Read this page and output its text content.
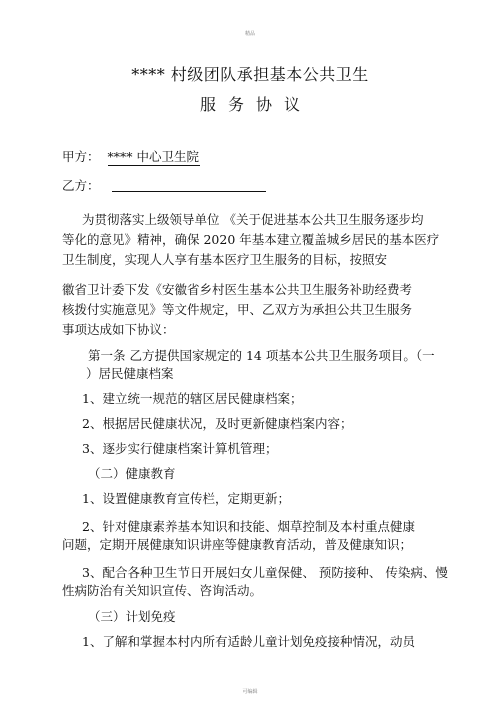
精品
**** 村级团队承担基本公共卫生
服务协议
甲方： **** 中心卫生院
乙方：
为贯彻落实上级领导单位 《关于促进基本公共卫生服务逐步均
等化的意见》精神，确保 2020 年基本建立覆盖城乡居民的基本医疗
卫生制度，实现人人享有基本医疗卫生服务的目标，按照安
徽省卫计委下发《安徽省乡村医生基本公共卫生服务补助经费考
核拨付实施意见》等文件规定，甲、乙双方为承担公共卫生服务
事项达成如下协议：
第一条 乙方提供国家规定的 14 项基本公共卫生服务项目。（一
）居民健康档案
1、建立统一规范的辖区居民健康档案；
2、根据居民健康状况，及时更新健康档案内容；
3、逐步实行健康档案计算机管理；
（二）健康教育
1、设置健康教育宣传栏，定期更新；
2、针对健康素养基本知识和技能、烟草控制及本村重点健康
问题，定期开展健康知识讲座等健康教育活动，普及健康知识；
3、配合各种卫生节日开展妇女儿童保健、 预防接种、 传染病、慢
性病防治有关知识宣传、咨询活动。
（三）计划免疫
1、了解和掌握本村内所有适龄儿童计划免疫接种情况，动员
可编辑
